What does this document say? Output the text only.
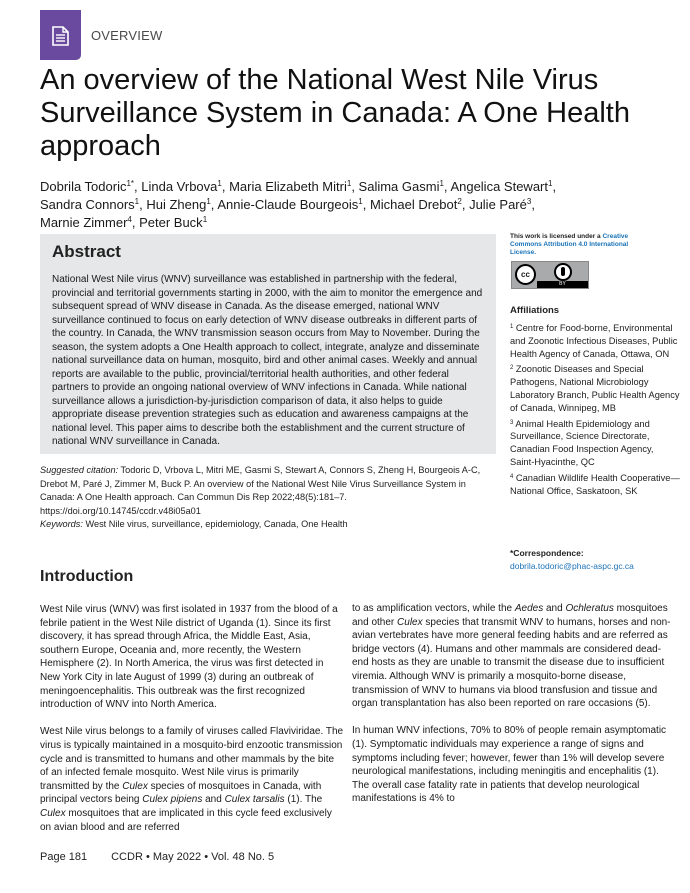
OVERVIEW
An overview of the National West Nile Virus Surveillance System in Canada: A One Health approach
Dobrila Todoric$^{1*}$, Linda Vrbova$^1$, Maria Elizabeth Mitri$^1$, Salima Gasmi$^1$, Angelica Stewart$^1$, Sandra Connors$^1$, Hui Zheng$^1$, Annie-Claude Bourgeois$^1$, Michael Drebot$^2$, Julie Paré$^3$, Marnie Zimmer$^4$, Peter Buck$^1$
Abstract
National West Nile virus (WNV) surveillance was established in partnership with the federal, provincial and territorial governments starting in 2000, with the aim to monitor the emergence and subsequent spread of WNV disease in Canada. As the disease emerged, national WNV surveillance continued to focus on early detection of WNV disease outbreaks in different parts of the country. In Canada, the WNV transmission season occurs from May to November. During the season, the system adopts a One Health approach to collect, integrate, analyze and disseminate national surveillance data on human, mosquito, bird and other animal cases. Weekly and annual reports are available to the public, provincial/territorial health authorities, and other federal partners to provide an ongoing national overview of WNV infections in Canada. While national surveillance allows a jurisdiction-by-jurisdiction comparison of data, it also helps to guide appropriate disease prevention strategies such as education and awareness campaigns at the national level. This paper aims to describe both the establishment and the current structure of national WNV surveillance in Canada.
Suggested citation: Todoric D, Vrbova L, Mitri ME, Gasmi S, Stewart A, Connors S, Zheng H, Bourgeois A-C, Drebot M, Paré J, Zimmer M, Buck P. An overview of the National West Nile Virus Surveillance System in Canada: A One Health approach. Can Commun Dis Rep 2022;48(5):181–7. https://doi.org/10.14745/ccdr.v48i05a01
Keywords: West Nile virus, surveillance, epidemiology, Canada, One Health
This work is licensed under a Creative Commons Attribution 4.0 International License.
cc
BY
Affiliations
$^1$ Centre for Food-borne, Environmental and Zoonotic Infectious Diseases, Public Health Agency of Canada, Ottawa, ON
$^2$ Zoonotic Diseases and Special Pathogens, National Microbiology Laboratory Branch, Public Health Agency of Canada, Winnipeg, MB
$^3$ Animal Health Epidemiology and Surveillance, Science Directorate, Canadian Food Inspection Agency, Saint-Hyacinthe, QC
$^4$ Canadian Wildlife Health Cooperative—National Office, Saskatoon, SK
*Correspondence:
dobrila.todoric@phac-aspc.gc.ca
Introduction

West Nile virus (WNV) was first isolated in 1937 from the blood of a febrile patient in the West Nile district of Uganda (1). Since its first discovery, it has spread through Africa, the Middle East, Asia, southern Europe, Oceania and, more recently, the Western Hemisphere (2). In North America, the virus was first detected in New York City in late August of 1999 (3) during an outbreak of meningoencephalitis. This outbreak was the first recognized introduction of WNV into North America.

West Nile virus belongs to a family of viruses called Flaviviridae. The virus is typically maintained in a mosquito-bird enzootic transmission cycle and is transmitted to humans and other mammals by the bite of an infected female mosquito. West Nile virus is primarily transmitted by the Culex species of mosquitoes in Canada, with principal vectors being Culex pipiens and Culex tarsalis (1). The Culex mosquitoes that are implicated in this cycle feed exclusively on avian blood and are referred

to as amplification vectors, while the Aedes and Ochleratus mosquitoes and other Culex species that transmit WNV to humans, horses and non-avian vertebrates have more general feeding habits and are referred as bridge vectors (4). Humans and other mammals are considered dead-end hosts as they are unable to transmit the disease due to insufficient viremia. Although WNV is primarily a mosquito-borne disease, transmission of WNV to humans via blood transfusion and tissue and organ transplantation has also been reported on rare occasions (5).

In human WNV infections, 70% to 80% of people remain asymptomatic (1). Symptomatic individuals may experience a range of signs and symptoms including fever; however, fewer than 1% will develop severe neurological manifestations, including meningitis and encephalitis (1). The overall case fatality rate in patients that develop neurological manifestations is 4% to

Page 181 CCDR • May 2022 • Vol. 48 No. 5
